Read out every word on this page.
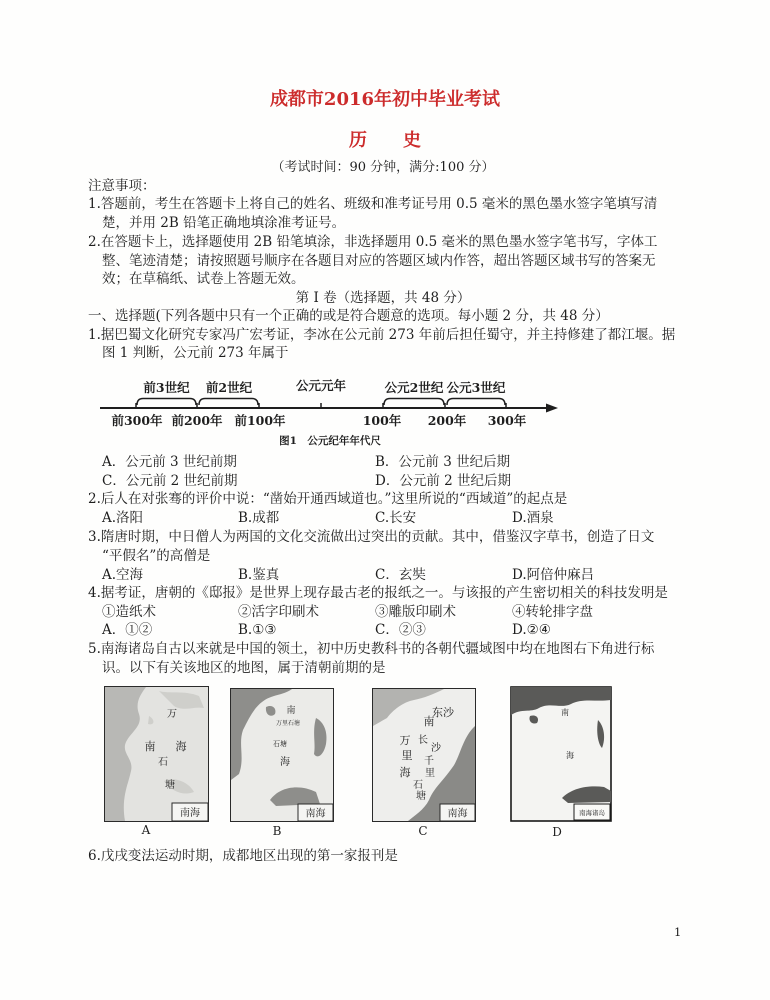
成都市2016年初中毕业考试
历　　史
（考试时间：90 分钟，满分:100 分）
注意事项：
1.答题前，考生在答题卡上将自己的姓名、班级和准考证号用 0.5 毫米的黑色墨水签字笔填写清
楚，并用 2B 铅笔正确地填涂准考证号。
2.在答题卡上，选择题使用 2B 铅笔填涂，非选择题用 0.5 毫米的黑色墨水签字笔书写，字体工
整、笔迹清楚；请按照题号顺序在各题目对应的答题区域内作答，超出答题区域书写的答案无
效；在草稿纸、试卷上答题无效。
第 I 卷（选择题，共 48 分）
一、选择题(下列各题中只有一个正确的或是符合题意的选项。每小题 2 分，共 48 分）
1.据巴蜀文化研究专家冯广宏考证，李冰在公元前 273 年前后担任蜀守，并主持修建了都江堰。据
图 1 判断，公元前 273 年属于
前3世纪 前2世纪	公元元年	公元2世纪 公元3世纪
前300年 前200年 前100年	100年 200年 300年
图1　公元纪年年代尺
A．公元前 3 世纪前期	B．公元前 3 世纪后期
C．公元前 2 世纪前期	D．公元前 2 世纪后期
2.后人在对张骞的评价中说：“凿始开通西域道也。”这里所说的“西域道”的起点是
A.洛阳	B.成都	C.长安	D.酒泉
3.隋唐时期，中日僧人为两国的文化交流做出过突出的贡献。其中，借鉴汉字草书，创造了日文
“平假名”的高僧是
A.空海	B.鉴真	C．玄奘	D.阿倍仲麻吕
4.据考证，唐朝的《邸报》是世界上现存最古老的报纸之一。与该报的产生密切相关的科技发明是
①造纸术	②活字印刷术	③雕版印刷术	④转轮排字盘
A．①②	B.①③	C．②③	D.②④
5.南海诸岛自古以来就是中国的领土，初中历史教科书的各朝代疆域图中均在地图右下角进行标
识。以下有关该地区的地图，属于清朝前期的是
万
南 海
石
塘
南海
A
南
万里石塘
石塘
海
南海
B
东沙
南
万
里
长
沙
千
里
海
石
塘
南海
C
南
海
南海诸岛
D
6.戊戌变法运动时期，成都地区出现的第一家报刊是
1
